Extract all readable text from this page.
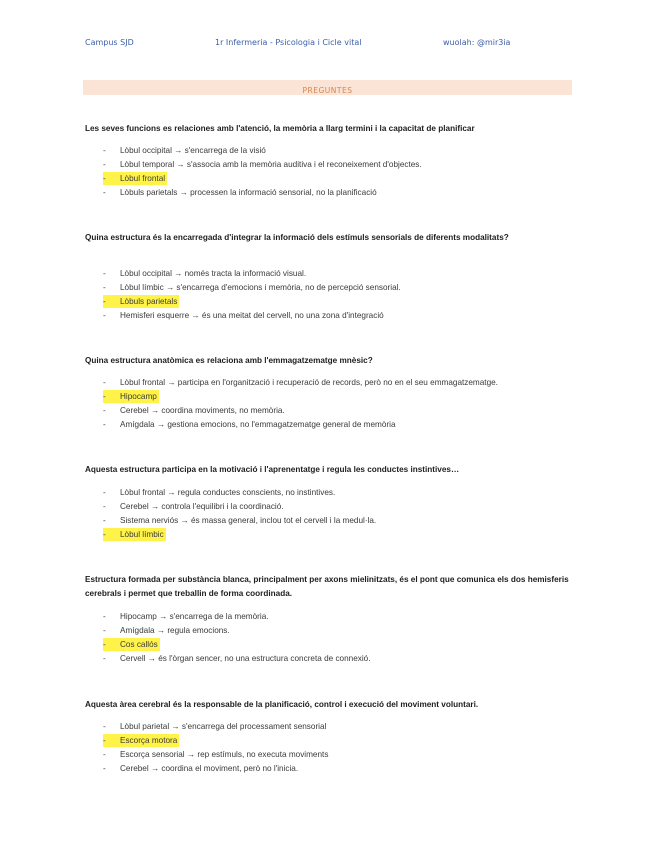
Campus SJD	1r Infermeria - Psicologia i Cicle vital	wuolah: @mir3ia
PREGUNTES
Les seves funcions es relaciones amb l'atenció, la memòria a llarg termini i la capacitat de planificar
- Lòbul occipital → s'encarrega de la visió
- Lòbul temporal → s'associa amb la memòria auditiva i el reconeixement d'objectes.
- Lòbul frontal
- Lòbuls parietals → processen la informació sensorial, no la planificació
Quina estructura és la encarregada d'integrar la informació dels estímuls sensorials de diferents modalitats?
- Lòbul occipital → només tracta la informació visual.
- Lòbul límbic → s'encarrega d'emocions i memòria, no de percepció sensorial.
- Lòbuls parietals
- Hemisferi esquerre → és una meitat del cervell, no una zona d'integració
Quina estructura anatòmica es relaciona amb l'emmagatzematge mnèsic?
- Lòbul frontal → participa en l'organització i recuperació de records, però no en el seu emmagatzematge.
- Hipocamp
- Cerebel → coordina moviments, no memòria.
- Amígdala → gestiona emocions, no l'emmagatzematge general de memòria
Aquesta estructura participa en la motivació i l'aprenentatge i regula les conductes instintives…
- Lòbul frontal → regula conductes conscients, no instintives.
- Cerebel → controla l'equilibri i la coordinació.
- Sistema nerviós → és massa general, inclou tot el cervell i la medul·la.
- Lòbul límbic
Estructura formada per substància blanca, principalment per axons mielinitzats, és el pont que comunica els dos hemisferis cerebrals i permet que treballin de forma coordinada.
- Hipocamp → s'encarrega de la memòria.
- Amígdala → regula emocions.
- Cos callós
- Cervell → és l'òrgan sencer, no una estructura concreta de connexió.
Aquesta àrea cerebral és la responsable de la planificació, control i execució del moviment voluntari.
- Lòbul parietal → s'encarrega del processament sensorial
- Escorça motora
- Escorça sensorial → rep estímuls, no executa moviments
- Cerebel → coordina el moviment, però no l'inicia.
